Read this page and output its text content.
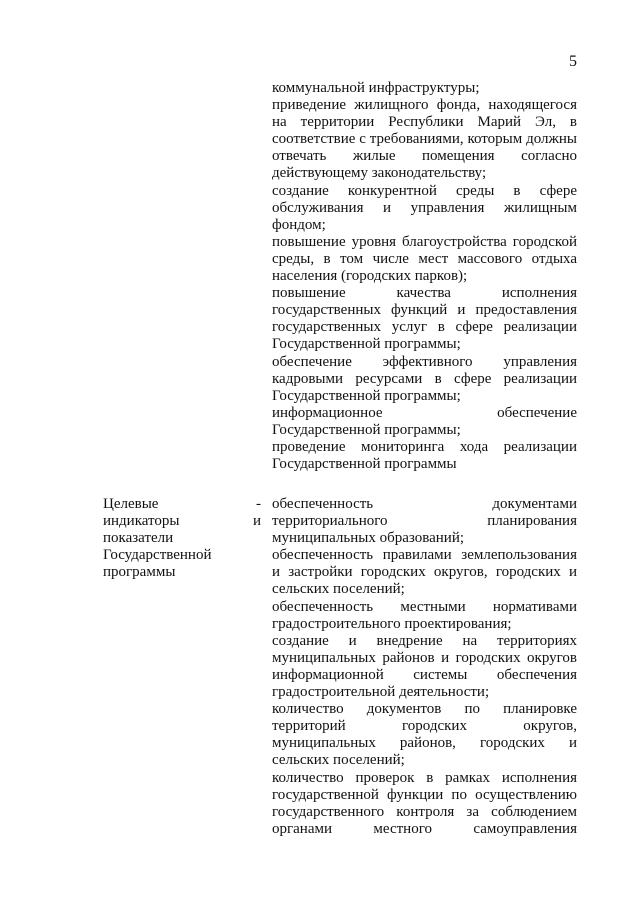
5
коммунальной инфраструктуры;
приведение жилищного фонда, находящегося на территории Республики Марий Эл, в соответствие с требованиями, которым должны отвечать жилые помещения согласно действующему законодательству;
создание конкурентной среды в сфере обслуживания и управления жилищным фондом;
повышение уровня благоустройства городской среды, в том числе мест массового отдыха населения (городских парков);
повышение качества исполнения государственных функций и предоставления государственных услуг в сфере реализации Государственной программы;
обеспечение эффективного управления кадровыми ресурсами в сфере реализации Государственной программы;
информационное обеспечение Государственной программы;
проведение мониторинга хода реализации Государственной программы
Целевые	-
индикаторы	и
показатели
Государственной
программы
обеспеченность документами территориального планирования муниципальных образований;
обеспеченность правилами землепользования и застройки городских округов, городских и сельских поселений;
обеспеченность местными нормативами градостроительного проектирования;
создание и внедрение на территориях муниципальных районов и городских округов информационной системы обеспечения градостроительной деятельности;
количество документов по планировке территорий городских округов, муниципальных районов, городских и сельских поселений;
количество проверок в рамках исполнения государственной функции по осуществлению государственного контроля за соблюдением органами местного самоуправления
